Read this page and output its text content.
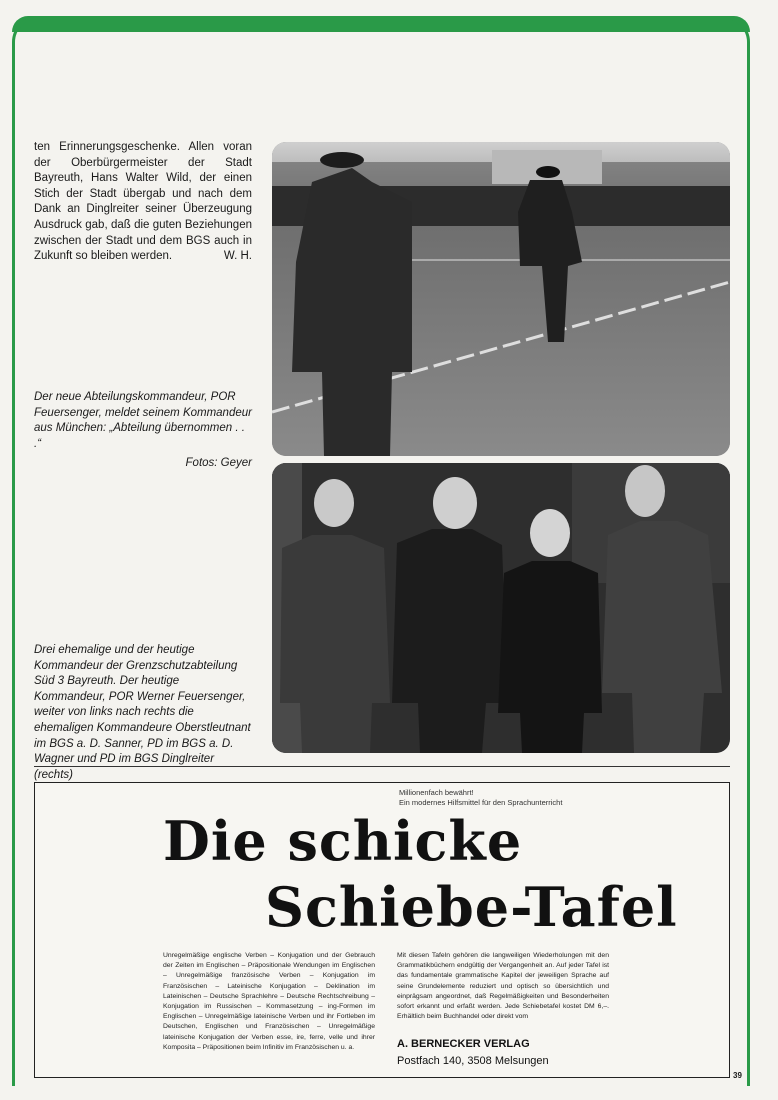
ten Erinnerungsgeschenke. Allen voran der Oberbürgermeister der Stadt Bayreuth, Hans Walter Wild, der einen Stich der Stadt übergab und nach dem Dank an Dinglreiter seiner Überzeugung Ausdruck gab, daß die guten Beziehungen zwischen der Stadt und dem BGS auch in Zukunft so bleiben werden.	W. H.
Der neue Abteilungskommandeur, POR Feuersenger, meldet seinem Kommandeur aus München: „Abteilung übernommen . . .“
Fotos: Geyer
Drei ehemalige und der heutige Kommandeur der Grenzschutzabteilung Süd 3 Bayreuth. Der heutige Kommandeur, POR Werner Feuersenger, weiter von links nach rechts die ehemaligen Kommandeure Oberstleutnant im BGS a. D. Sanner, PD im BGS a. D. Wagner und PD im BGS Dinglreiter (rechts)
Millionenfach bewährt!
Ein modernes Hilfsmittel für den Sprachunterricht
Die schicke
Schiebe-Tafel
Unregelmäßige englische Verben – Konjugation und der Gebrauch der Zeiten im Englischen – Präpositionale Wendungen im Englischen – Unregelmäßige französische Verben – Konjugation im Französischen – Lateinische Konjugation – Deklination im Lateinischen – Deutsche Sprachlehre – Deutsche Rechtschreibung – Konjugation im Russischen – Kommasetzung – ing-Formen im Englischen – Unregelmäßige lateinische Verben und ihr Fortleben im Deutschen, Englischen und Französischen – Unregelmäßige lateinische Konjugation der Verben esse, ire, ferre, velle und ihrer Komposita – Präpositionen beim Infinitiv im Französischen u. a.
Mit diesen Tafeln gehören die langweiligen Wiederholungen mit den Grammatikbüchern endgültig der Vergangenheit an. Auf jeder Tafel ist das fundamentale grammatische Kapitel der jeweiligen Sprache auf seine Grundelemente reduziert und optisch so übersichtlich und einprägsam angeordnet, daß Regelmäßigkeiten und Besonderheiten sofort erkannt und erfaßt werden. Jede Schiebetafel kostet DM 6,–. Erhältlich beim Buchhandel oder direkt vom
A. BERNECKER VERLAG
Postfach 140, 3508 Melsungen
39
